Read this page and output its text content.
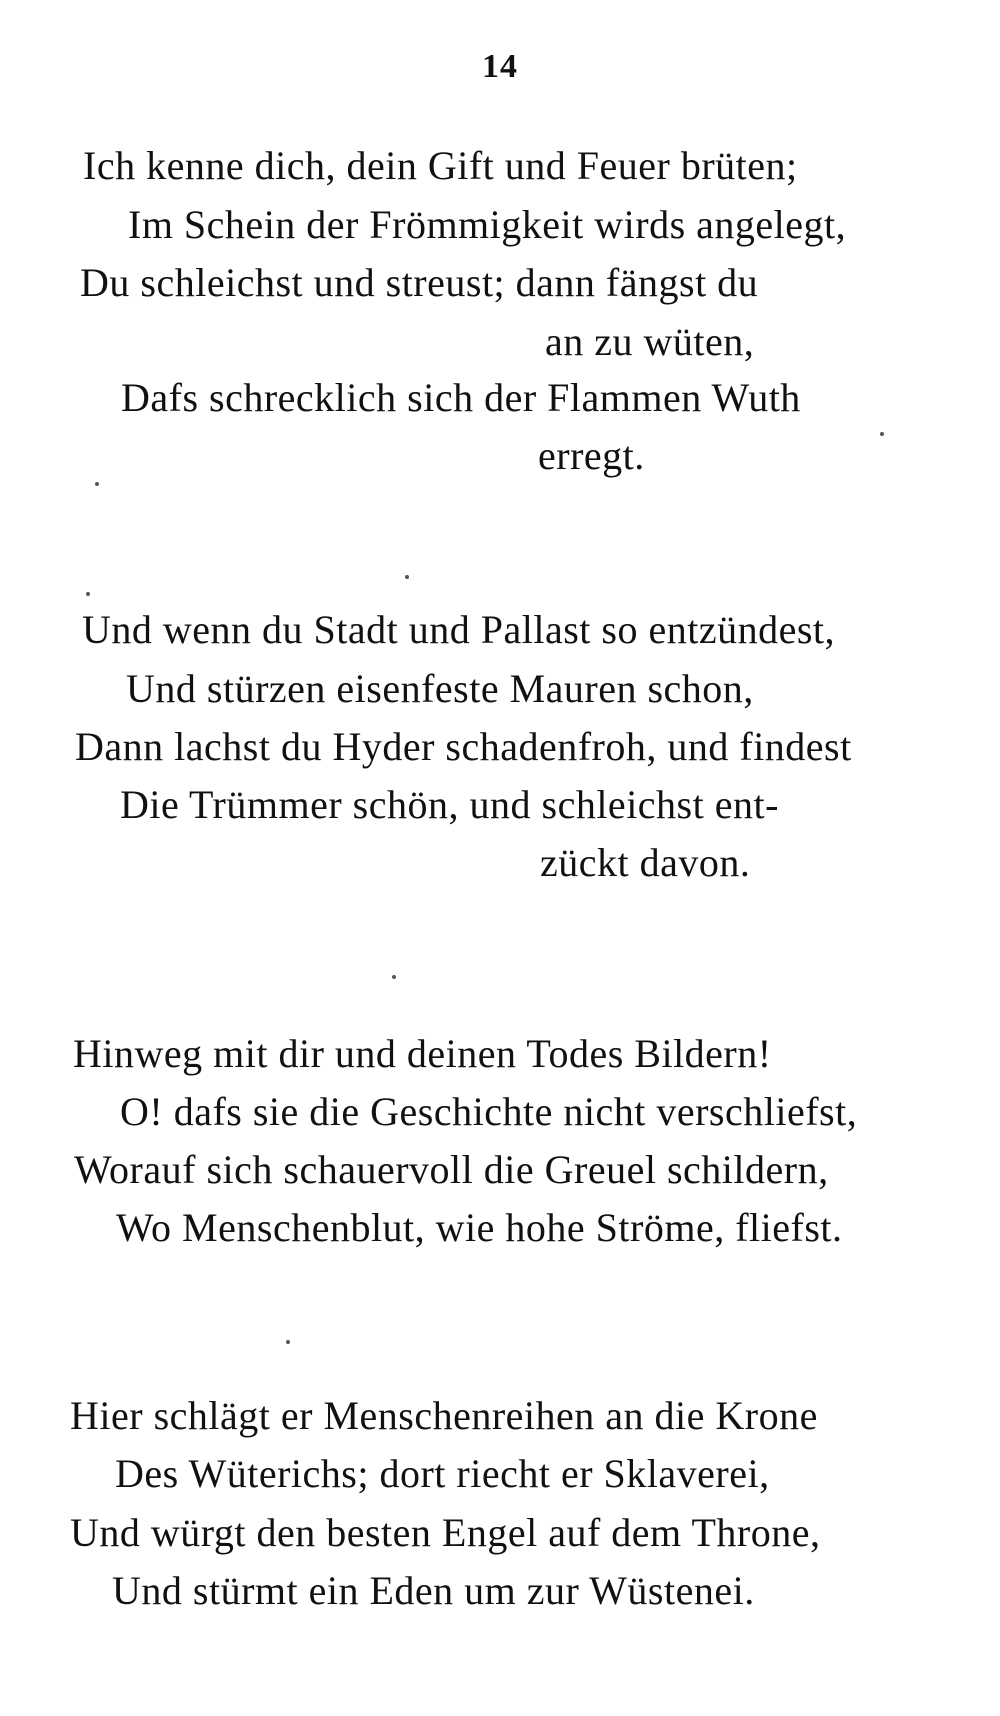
14
Ich kenne dich, dein Gift und Feuer brüten;
Im Schein der Frömmigkeit wirds angelegt,
Du schleichst und streust; dann fängst du
an zu wüten,
Dafs schrecklich sich der Flammen Wuth
erregt.
Und wenn du Stadt und Pallast so entzündest,
Und stürzen eisenfeste Mauren schon,
Dann lachst du Hyder schadenfroh, und findest
Die Trümmer schön, und schleichst ent-
zückt davon.
Hinweg mit dir und deinen Todes Bildern!
O! dafs sie die Geschichte nicht verschliefst,
Worauf sich schauervoll die Greuel schildern,
Wo Menschenblut, wie hohe Ströme, fliefst.
Hier schlägt er Menschenreihen an die Krone
Des Wüterichs; dort riecht er Sklaverei,
Und würgt den besten Engel auf dem Throne,
Und stürmt ein Eden um zur Wüstenei.
